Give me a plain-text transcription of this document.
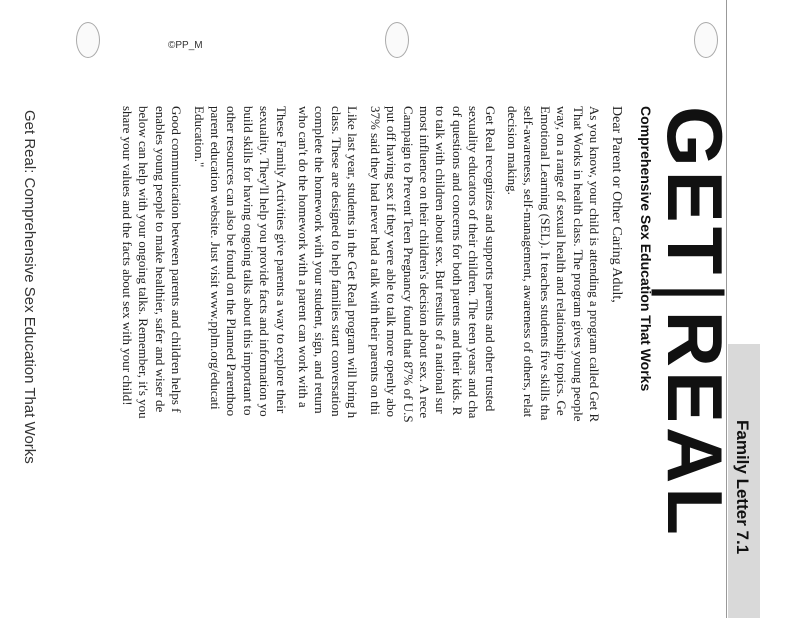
©PP_M
Get Real: Comprehensive Sex Education That Works
Family Letter 7.1
GET|REAL
Comprehensive Sex Education That Works
Dear Parent or Other Caring Adult,
As you know, your child is attending a program called Get R
That Works in health class. The program gives young people
way, on a range of sexual health and relationship topics. Ge
Emotional Learning (SEL). It teaches students five skills tha
self-awareness, self-management, awareness of others, relat
decision making.
Get Real recognizes and supports parents and other trusted
sexuality educators of their children. The teen years and cha
of questions and concerns for both parents and their kids. R
to talk with children about sex. But results of a national sur
most influence on their children's decision about sex. A rece
Campaign to Prevent Teen Pregnancy found that 87% of U.S
put off having sex if they were able to talk more openly abo
37% said they had never had a talk with their parents on thi
Like last year, students in the Get Real program will bring h
class. These are designed to help families start conversation
complete the homework with your student, sign, and return
who can't do the homework with a parent can work with a
These Family Activities give parents a way to explore their
sexuality. They'll help you provide facts and information yo
build skills for having ongoing talks about this important to
other resources can also be found on the Planned Parenthoo
parent education website. Just visit www.pplm.org/educati
Education."
Good communication between parents and children helps f
enables young people to make healthier, safer and wiser de
below can help with your ongoing talks. Remember, it's you
share your values and the facts about sex with your child!
